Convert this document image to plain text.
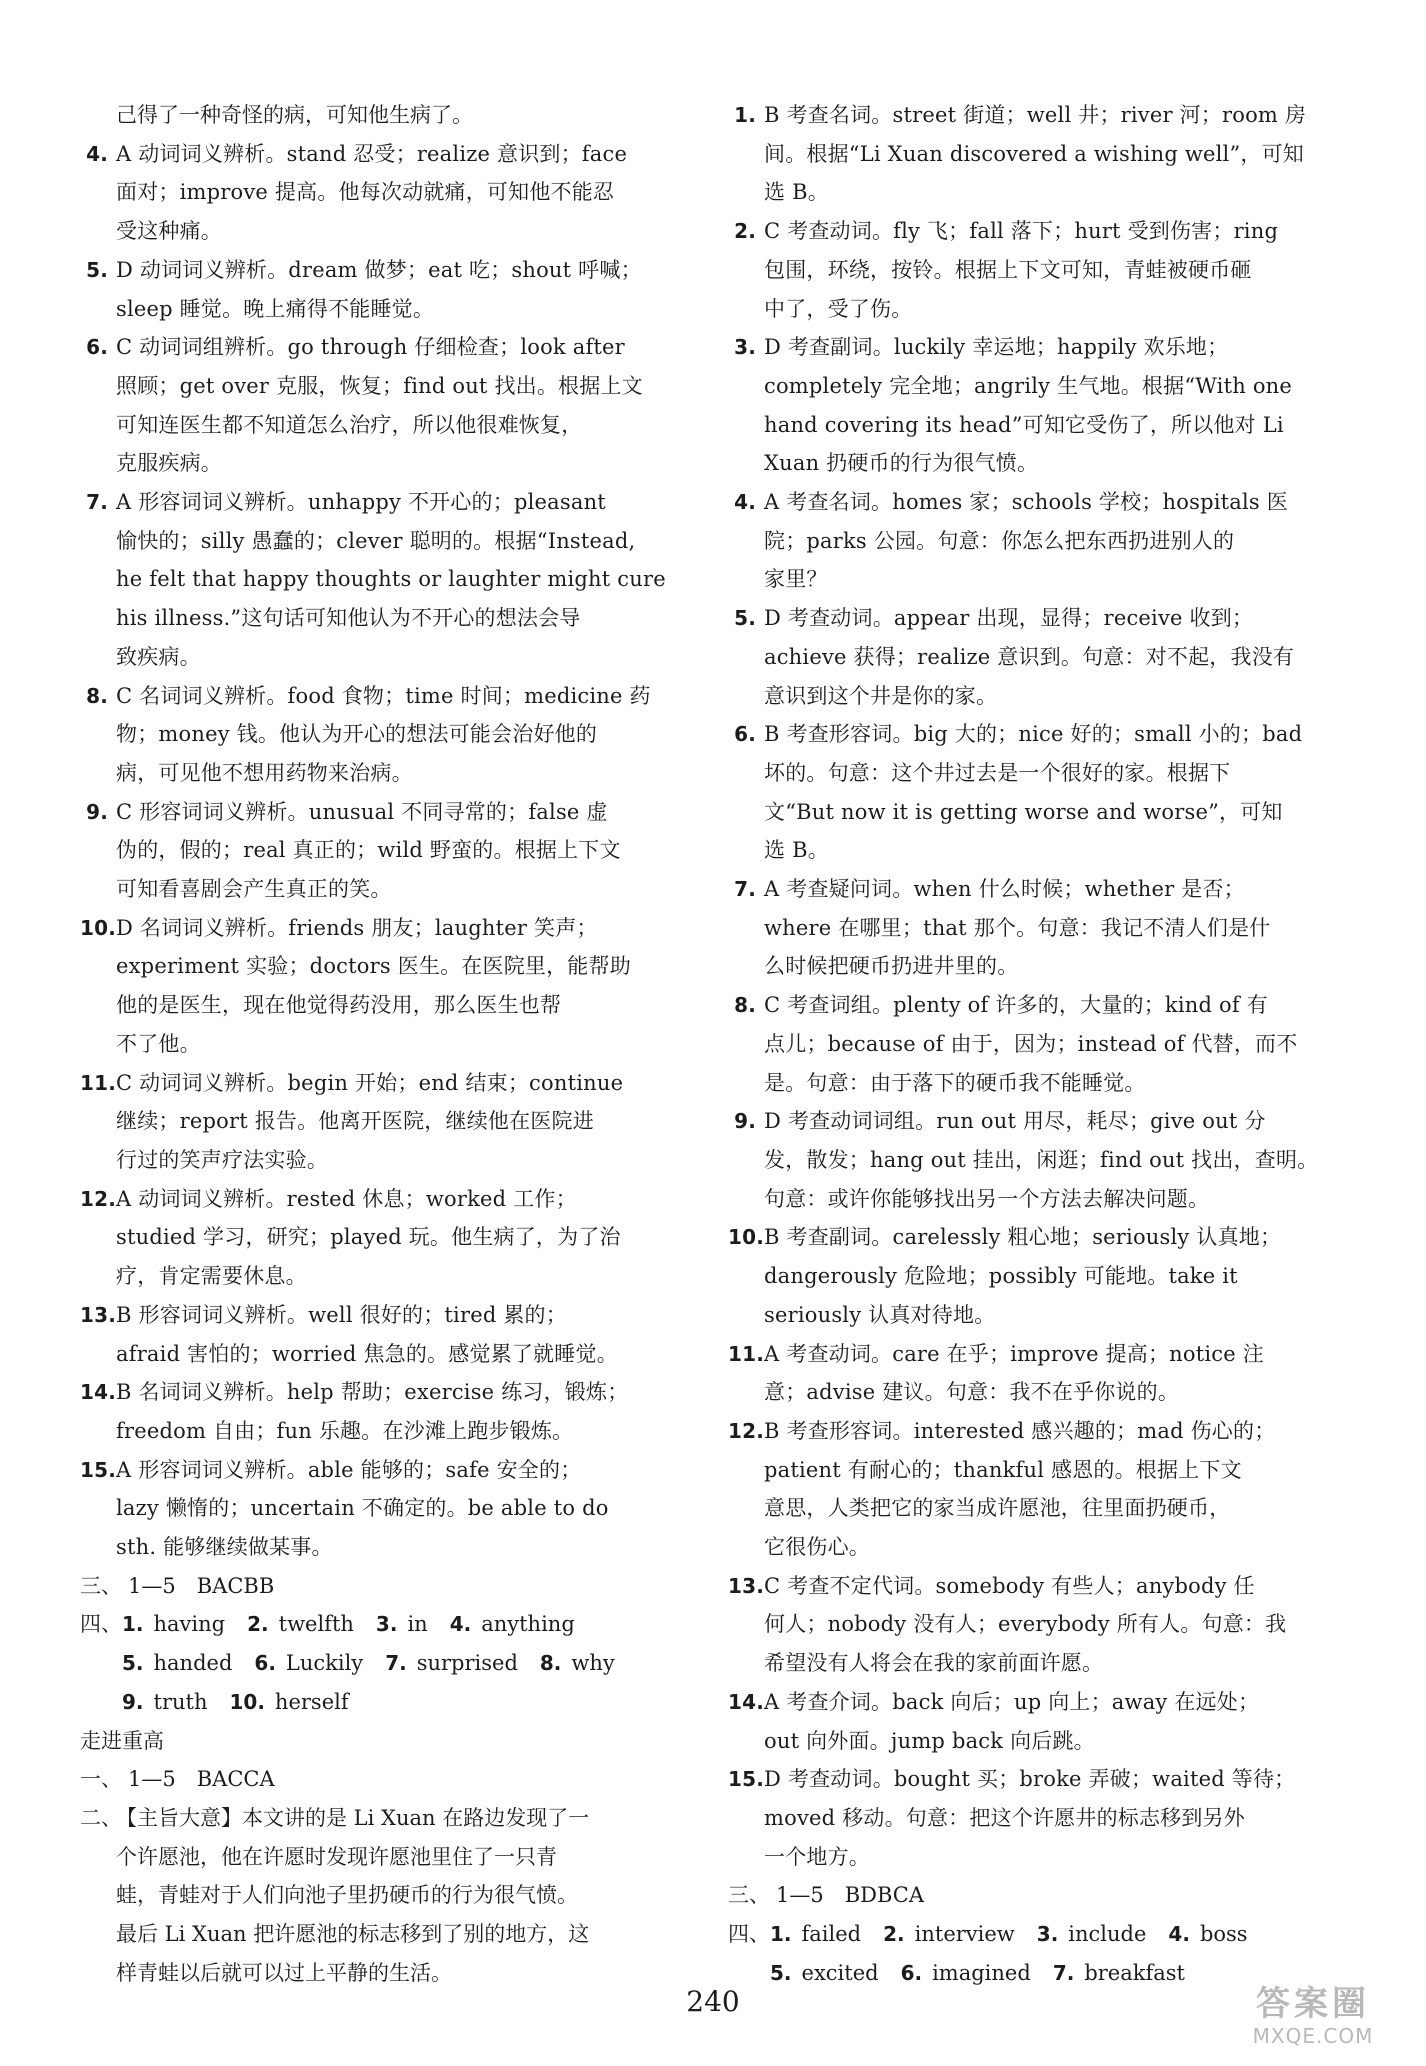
己得了一种奇怪的病，可知他生病了。
4. A 动词词义辨析。stand 忍受；realize 意识到；face
面对；improve 提高。他每次动就痛，可知他不能忍
受这种痛。
5. D 动词词义辨析。dream 做梦；eat 吃；shout 呼喊；
sleep 睡觉。晚上痛得不能睡觉。
6. C 动词词组辨析。go through 仔细检查；look after
照顾；get over 克服，恢复；find out 找出。根据上文
可知连医生都不知道怎么治疗，所以他很难恢复，
克服疾病。
7. A 形容词词义辨析。unhappy 不开心的；pleasant
愉快的；silly 愚蠢的；clever 聪明的。根据“Instead,
he felt that happy thoughts or laughter might cure
his illness.”这句话可知他认为不开心的想法会导
致疾病。
8. C 名词词义辨析。food 食物；time 时间；medicine 药
物；money 钱。他认为开心的想法可能会治好他的
病，可见他不想用药物来治病。
9. C 形容词词义辨析。unusual 不同寻常的；false 虚
伪的，假的；real 真正的；wild 野蛮的。根据上下文
可知看喜剧会产生真正的笑。
10. D 名词词义辨析。friends 朋友；laughter 笑声；
experiment 实验；doctors 医生。在医院里，能帮助
他的是医生，现在他觉得药没用，那么医生也帮
不了他。
11. C 动词词义辨析。begin 开始；end 结束；continue
继续；report 报告。他离开医院，继续他在医院进
行过的笑声疗法实验。
12. A 动词词义辨析。rested 休息；worked 工作；
studied 学习，研究；played 玩。他生病了，为了治
疗，肯定需要休息。
13. B 形容词词义辨析。well 很好的；tired 累的；
afraid 害怕的；worried 焦急的。感觉累了就睡觉。
14. B 名词词义辨析。help 帮助；exercise 练习，锻炼；
freedom 自由；fun 乐趣。在沙滩上跑步锻炼。
15. A 形容词词义辨析。able 能够的；safe 安全的；
lazy 懒惰的；uncertain 不确定的。be able to do
sth. 能够继续做某事。
三、 1—5　BACBB
四、1. having 2. twelfth 3. in 4. anything
5. handed 6. Luckily 7. surprised 8. why
9. truth 10. herself
走进重高
一、 1—5　BACCA
二、【主旨大意】本文讲的是 Li Xuan 在路边发现了一
个许愿池，他在许愿时发现许愿池里住了一只青
蛙，青蛙对于人们向池子里扔硬币的行为很气愤。
最后 Li Xuan 把许愿池的标志移到了别的地方，这
样青蛙以后就可以过上平静的生活。
1. B 考查名词。street 街道；well 井；river 河；room 房
间。根据“Li Xuan discovered a wishing well”，可知
选 B。
2. C 考查动词。fly 飞；fall 落下；hurt 受到伤害；ring
包围，环绕，按铃。根据上下文可知，青蛙被硬币砸
中了，受了伤。
3. D 考查副词。luckily 幸运地；happily 欢乐地；
completely 完全地；angrily 生气地。根据“With one
hand covering its head”可知它受伤了，所以他对 Li
Xuan 扔硬币的行为很气愤。
4. A 考查名词。homes 家；schools 学校；hospitals 医
院；parks 公园。句意：你怎么把东西扔进别人的
家里？
5. D 考查动词。appear 出现，显得；receive 收到；
achieve 获得；realize 意识到。句意：对不起，我没有
意识到这个井是你的家。
6. B 考查形容词。big 大的；nice 好的；small 小的；bad
坏的。句意：这个井过去是一个很好的家。根据下
文“But now it is getting worse and worse”，可知
选 B。
7. A 考查疑问词。when 什么时候；whether 是否；
where 在哪里；that 那个。句意：我记不清人们是什
么时候把硬币扔进井里的。
8. C 考查词组。plenty of 许多的，大量的；kind of 有
点儿；because of 由于，因为；instead of 代替，而不
是。句意：由于落下的硬币我不能睡觉。
9. D 考查动词词组。run out 用尽，耗尽；give out 分
发，散发；hang out 挂出，闲逛；find out 找出，查明。
句意：或许你能够找出另一个方法去解决问题。
10. B 考查副词。carelessly 粗心地；seriously 认真地；
dangerously 危险地；possibly 可能地。take it
seriously 认真对待地。
11. A 考查动词。care 在乎；improve 提高；notice 注
意；advise 建议。句意：我不在乎你说的。
12. B 考查形容词。interested 感兴趣的；mad 伤心的；
patient 有耐心的；thankful 感恩的。根据上下文
意思，人类把它的家当成许愿池，往里面扔硬币，
它很伤心。
13. C 考查不定代词。somebody 有些人；anybody 任
何人；nobody 没有人；everybody 所有人。句意：我
希望没有人将会在我的家前面许愿。
14. A 考查介词。back 向后；up 向上；away 在远处；
out 向外面。jump back 向后跳。
15. D 考查动词。bought 买；broke 弄破；waited 等待；
moved 移动。句意：把这个许愿井的标志移到另外
一个地方。
三、 1—5　BDBCA
四、1. failed 2. interview 3. include 4. boss
5. excited 6. imagined 7. breakfast
240	答案圈
MXQE.COM
